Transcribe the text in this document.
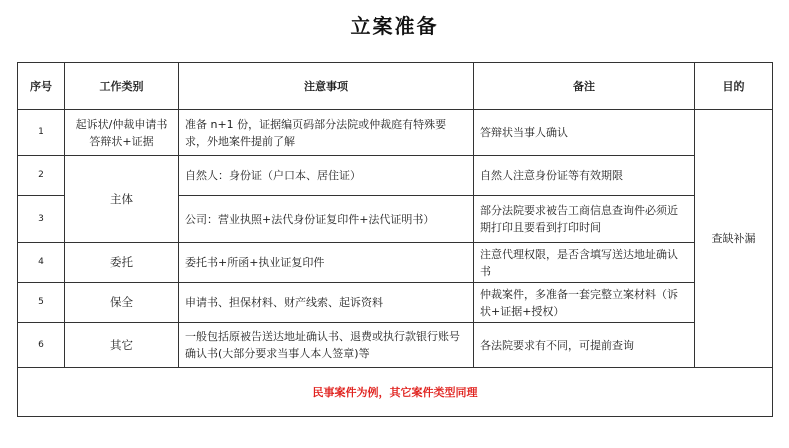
立案准备
序号	工作类别	注意事项	备注	目的
1	起诉状/仲裁申请书答辩状+证据	准备 n+1 份，证据编页码部分法院或仲裁庭有特殊要求，外地案件提前了解	答辩状当事人确认	查缺补漏
2	主体	自然人：身份证（户口本、居住证）	自然人注意身份证等有效期限	
3		公司：营业执照+法代身份证复印件+法代证明书）	部分法院要求被告工商信息查询件必须近期打印且要看到打印时间	
4	委托	委托书+所函+执业证复印件	注意代理权限，是否含填写送达地址确认书	
5	保全	申请书、担保材料、财产线索、起诉资料	仲裁案件，多准备一套完整立案材料（诉状+证据+授权）	
6	其它	一般包括原被告送达地址确认书、退费或执行款银行账号确认书(大部分要求当事人本人签章)等	各法院要求有不同，可提前查询	
民事案件为例，其它案件类型同理				
